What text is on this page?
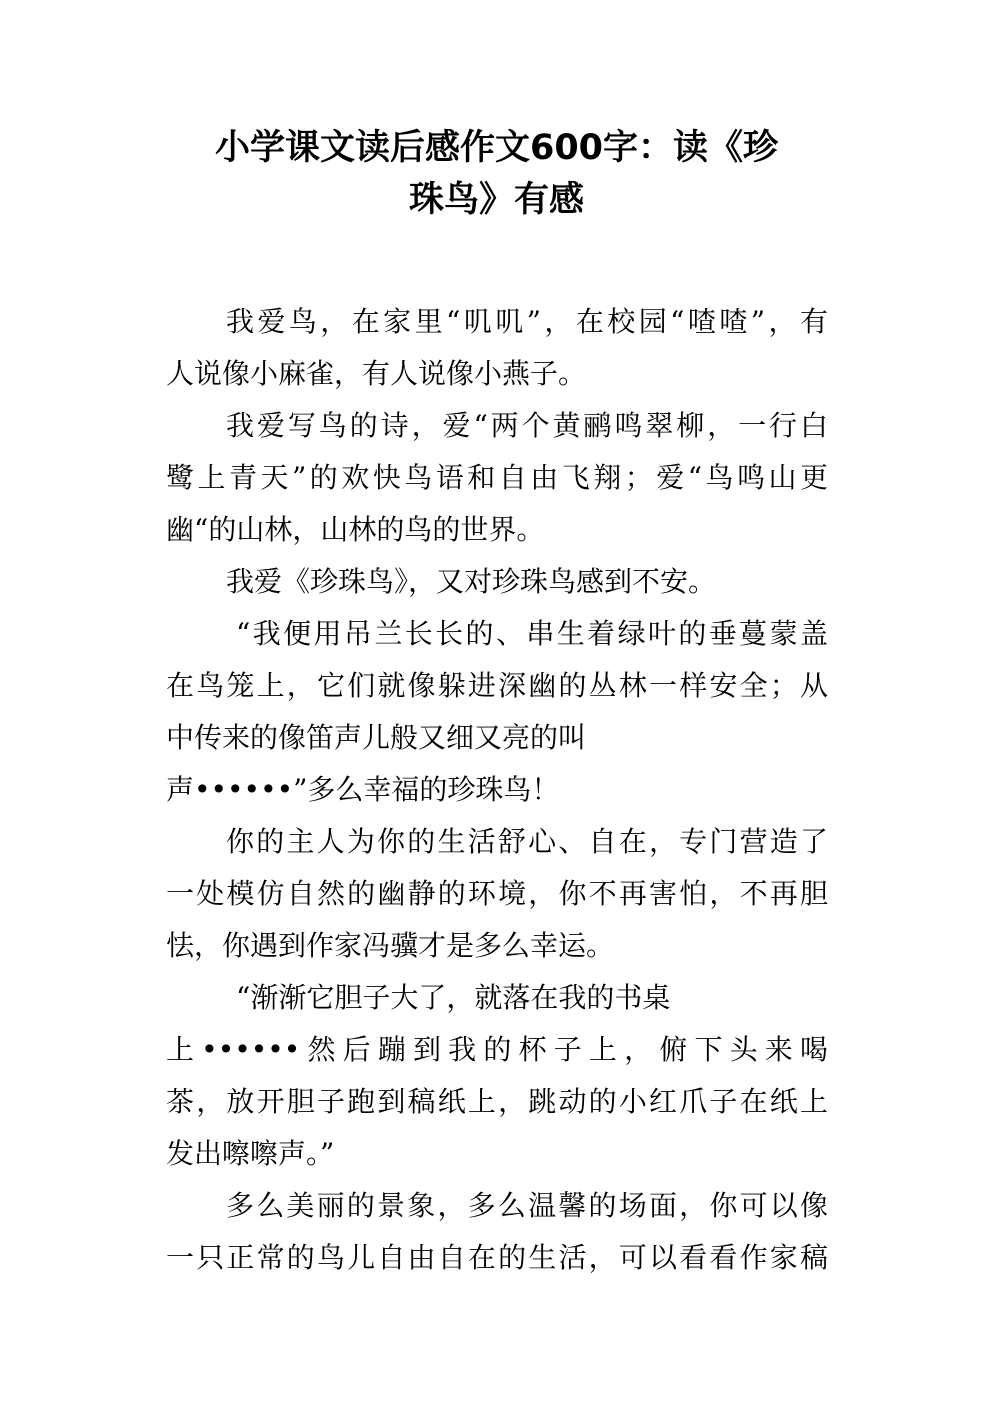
小学课文读后感作文600字：读《珍
珠鸟》有感
我爱鸟，在家里“叽叽”，在校园“喳喳”，有
人说像小麻雀，有人说像小燕子。
我爱写鸟的诗，爱“两个黄鹂鸣翠柳，一行白
鹭上青天”的欢快鸟语和自由飞翔；爱“鸟鸣山更
幽“的山林，山林的鸟的世界。
我爱《珍珠鸟》，又对珍珠鸟感到不安。
“我便用吊兰长长的、串生着绿叶的垂蔓蒙盖
在鸟笼上，它们就像躲进深幽的丛林一样安全；从
中传来的像笛声儿般又细又亮的叫
声••••••”多么幸福的珍珠鸟！
你的主人为你的生活舒心、自在，专门营造了
一处模仿自然的幽静的环境，你不再害怕，不再胆
怯，你遇到作家冯骥才是多么幸运。
“渐渐它胆子大了，就落在我的书桌
上••••••然后蹦到我的杯子上，俯下头来喝
茶，放开胆子跑到稿纸上，跳动的小红爪子在纸上
发出嚓嚓声。”
多么美丽的景象，多么温馨的场面，你可以像
一只正常的鸟儿自由自在的生活，可以看看作家稿
